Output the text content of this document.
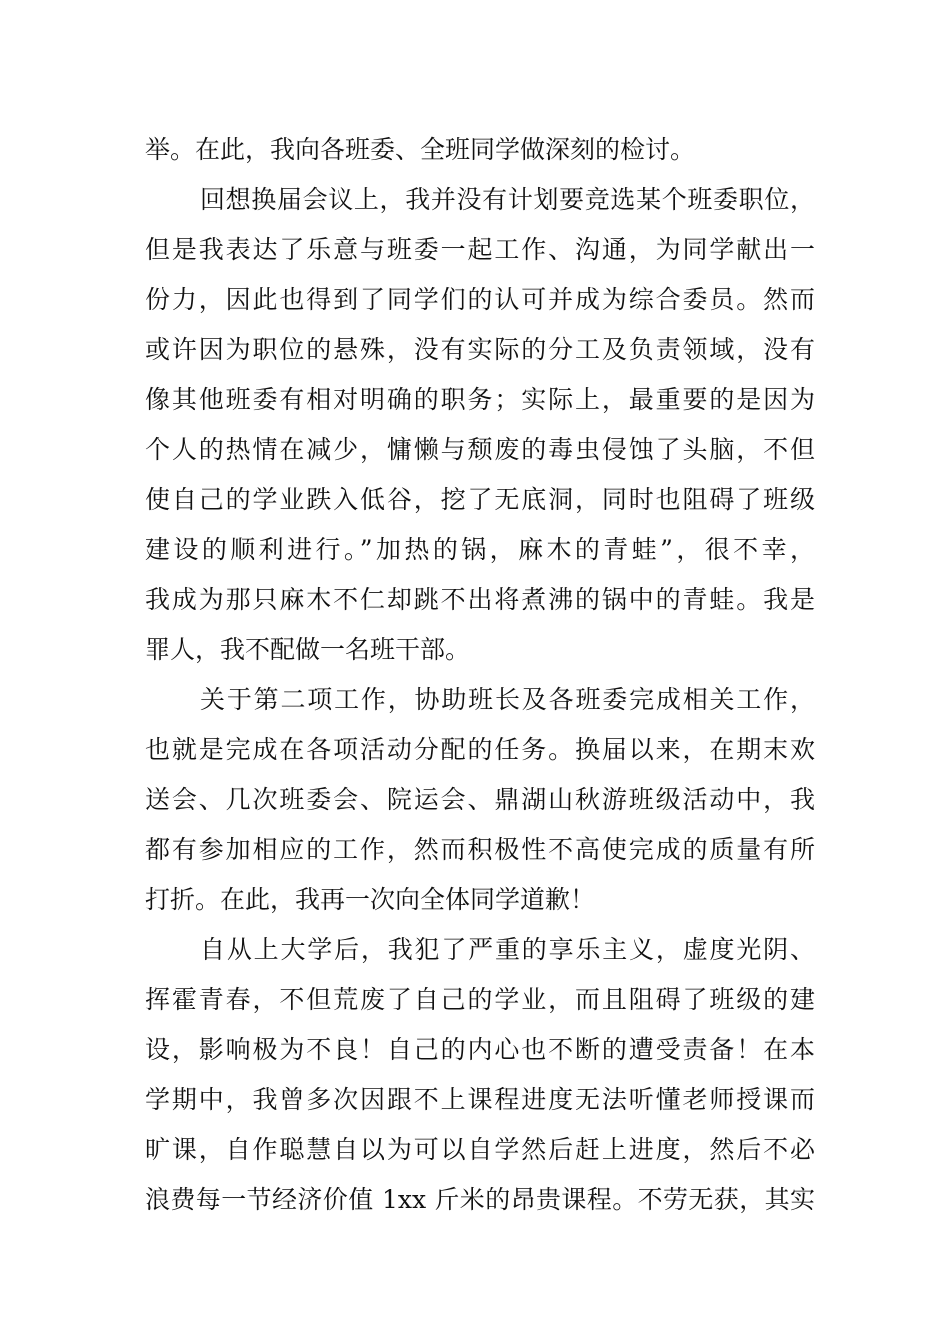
举。在此，我向各班委、全班同学做深刻的检讨。
回想换届会议上，我并没有计划要竞选某个班委职位，
但是我表达了乐意与班委一起工作、沟通，为同学献出一
份力，因此也得到了同学们的认可并成为综合委员。然而
或许因为职位的悬殊，没有实际的分工及负责领域，没有
像其他班委有相对明确的职务；实际上，最重要的是因为
个人的热情在减少，慵懒与颓废的毒虫侵蚀了头脑，不但
使自己的学业跌入低谷，挖了无底洞，同时也阻碍了班级
建设的顺利进行。”加热的锅，麻木的青蛙”，很不幸，
我成为那只麻木不仁却跳不出将煮沸的锅中的青蛙。我是
罪人，我不配做一名班干部。
关于第二项工作，协助班长及各班委完成相关工作，
也就是完成在各项活动分配的任务。换届以来，在期末欢
送会、几次班委会、院运会、鼎湖山秋游班级活动中，我
都有参加相应的工作，然而积极性不高使完成的质量有所
打折。在此，我再一次向全体同学道歉！
自从上大学后，我犯了严重的享乐主义，虚度光阴、
挥霍青春，不但荒废了自己的学业，而且阻碍了班级的建
设，影响极为不良！自己的内心也不断的遭受责备！在本
学期中，我曾多次因跟不上课程进度无法听懂老师授课而
旷课，自作聪慧自以为可以自学然后赶上进度，然后不必
浪费每一节经济价值 1xx 斤米的昂贵课程。不劳无获，其实
